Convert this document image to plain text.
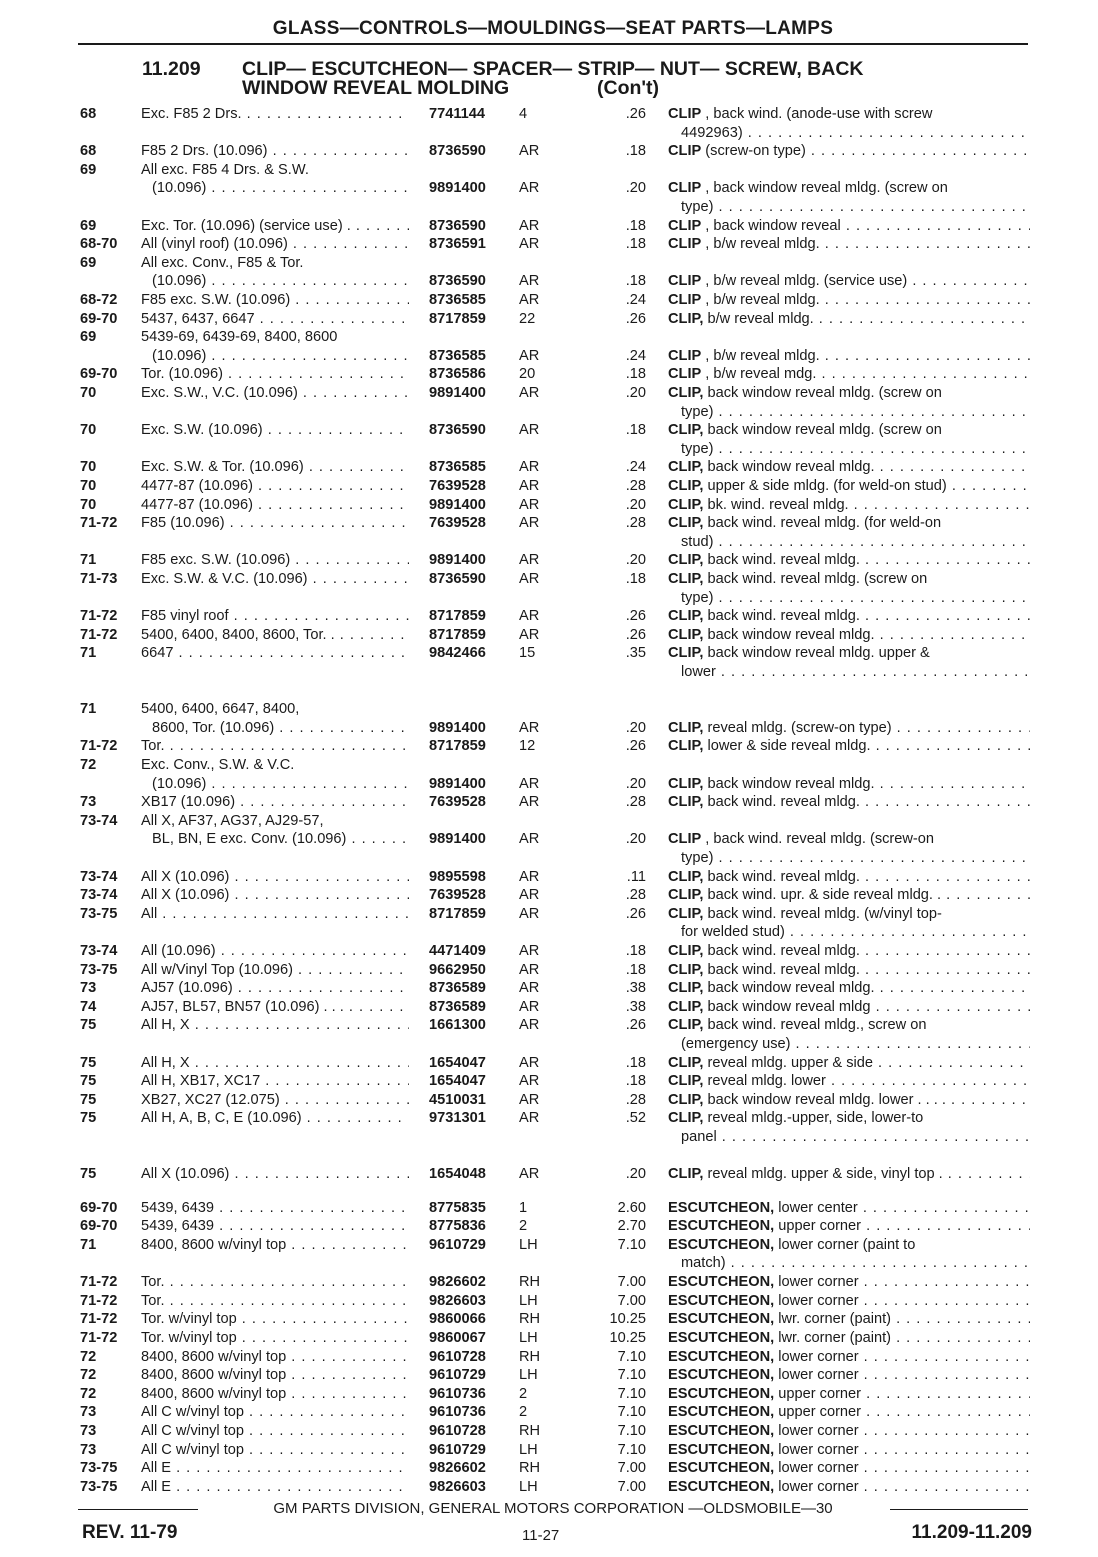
GLASS—CONTROLS—MOULDINGS—SEAT PARTS—LAMPS
11.209 CLIP— ESCUTCHEON— SPACER— STRIP— NUT— SCREW, BACK
WINDOW REVEAL MOLDING	(Con't)
68	Exc. F85 2 Drs. . . .	7741144	4	.26 CLIP , back wind. (anode-use with screw
4492963) . . .
68	F85 2 Drs. (10.096) . . .	8736590	AR	.18 CLIP (screw-on type) . . .
69	All exc. F85 4 Drs. & S.W.
(10.096) . . .	9891400	AR	.20 CLIP , back window reveal mldg. (screw on
type) . . .
69	Exc. Tor. (10.096) (service use) . . . .	8736590	AR	.18 CLIP , back window reveal . . .
68-70	All (vinyl roof) (10.096) . . .	8736591	AR	.18 CLIP , b/w reveal mldg. . . .
69	All exc. Conv., F85 & Tor.
(10.096) . . .	8736590	AR	.18 CLIP , b/w reveal mldg. (service use) . . .
68-72	F85 exc. S.W. (10.096) . . .	8736585	AR	.24 CLIP , b/w reveal mldg. . . .
69-70	5437, 6437, 6647 . . .	8717859	22	.26 CLIP, b/w reveal mldg. . . .
69	5439-69, 6439-69, 8400, 8600
(10.096) . . .	8736585	AR	.24 CLIP , b/w reveal mldg. . . .
69-70	Tor. (10.096) . . .	8736586	20	.18 CLIP , b/w reveal mdg. . . .
70	Exc. S.W., V.C. (10.096) . . .	9891400	AR	.20 CLIP, back window reveal mldg. (screw on
type) . . .
70	Exc. S.W. (10.096) . . .	8736590	AR	.18 CLIP, back window reveal mldg. (screw on
type) . . .
70	Exc. S.W. & Tor. (10.096) . . .	8736585	AR	.24 CLIP, back window reveal mldg. . . .
70	4477-87 (10.096) . . .	7639528	AR	.28 CLIP, upper & side mldg. (for weld-on stud) . . .
70	4477-87 (10.096) . . .	9891400	AR	.20 CLIP, bk. wind. reveal mldg. . . .
71-72	F85 (10.096) . . .	7639528	AR	.28 CLIP, back wind. reveal mldg. (for weld-on
stud) . . .
71	F85 exc. S.W. (10.096) . . .	9891400	AR	.20 CLIP, back wind. reveal mldg. . . .
71-73	Exc. S.W. & V.C. (10.096) . . .	8736590	AR	.18 CLIP, back wind. reveal mldg. (screw on
type) . . .
71-72	F85 vinyl roof . . .	8717859	AR	.26 CLIP, back wind. reveal mldg. . . .
71-72	5400, 6400, 8400, 8600, Tor. . . . .	8717859	AR	.26 CLIP, back window reveal mldg. . . .
71	6647 . . .	9842466	15	.35 CLIP, back window reveal mldg. upper &
lower . . .
71	5400, 6400, 6647, 8400,
8600, Tor. (10.096) . . .	9891400	AR	.20 CLIP, reveal mldg. (screw-on type) . . .
71-72	Tor. . . .	8717859	12	.26 CLIP, lower & side reveal mldg. . . .
72	Exc. Conv., S.W. & V.C.
(10.096) . . .	9891400	AR	.20 CLIP, back window reveal mldg. . . .
73	XB17 (10.096) . . .	7639528	AR	.28 CLIP, back wind. reveal mldg. . . .
73-74	All X, AF37, AG37, AJ29-57,
BL, BN, E exc. Conv. (10.096) . . .	9891400	AR	.20 CLIP , back wind. reveal mldg. (screw-on
type) . . .
73-74	All X (10.096) . . .	9895598	AR	.11 CLIP, back wind. reveal mldg. . . .
73-74	All X (10.096) . . .	7639528	AR	.28 CLIP, back wind. upr. & side reveal mldg. . . . .
73-75	All . . .	8717859	AR	.26 CLIP, back wind. reveal mldg. (w/vinyl top-
for welded stud) . . .
73-74	All (10.096) . . .	4471409	AR	.18 CLIP, back wind. reveal mldg. . . .
73-75	All w/Vinyl Top (10.096) . . .	9662950	AR	.18 CLIP, back wind. reveal mldg. . . .
73	AJ57 (10.096) . . .	8736589	AR	.38 CLIP, back window reveal mldg. . . .
74	AJ57, BL57, BN57 (10.096) . . . . . .	8736589	AR	.38 CLIP, back window reveal mldg . . .
75	All H, X . . .	1661300	AR	.26 CLIP, back wind. reveal mldg., screw on
(emergency use) . . .
75	All H, X . . .	1654047	AR	.18 CLIP, reveal mldg. upper & side . . .
75	All H, XB17, XC17 . . .	1654047	AR	.18 CLIP, reveal mldg. lower . . .
75	XB27, XC27 (12.075) . . .	4510031	AR	.28 CLIP, back window reveal mldg. lower . . . . . . .
75	All H, A, B, C, E (10.096) . . .	9731301	AR	.52 CLIP, reveal mldg.-upper, side, lower-to
panel . . .
75	All X (10.096) . . .	1654048	AR	.20 CLIP, reveal mldg. upper & side, vinyl top . . . .
69-70	5439, 6439 . . .	8775835	1	2.60 ESCUTCHEON, lower center . . .
69-70	5439, 6439 . . .	8775836	2	2.70 ESCUTCHEON, upper corner . . .
71	8400, 8600 w/vinyl top . . .	9610729	LH	7.10 ESCUTCHEON, lower corner (paint to
match) . . .
71-72	Tor. . . .	9826602	RH	7.00 ESCUTCHEON, lower corner . . .
71-72	Tor. . . .	9826603	LH	7.00 ESCUTCHEON, lower corner . . .
71-72	Tor. w/vinyl top . . .	9860066	RH	10.25 ESCUTCHEON, lwr. corner (paint) . . .
71-72	Tor. w/vinyl top . . .	9860067	LH	10.25 ESCUTCHEON, lwr. corner (paint) . . .
72	8400, 8600 w/vinyl top . . .	9610728	RH	7.10 ESCUTCHEON, lower corner . . .
72	8400, 8600 w/vinyl top . . .	9610729	LH	7.10 ESCUTCHEON, lower corner . . .
72	8400, 8600 w/vinyl top . . .	9610736	2	7.10 ESCUTCHEON, upper corner . . .
73	All C w/vinyl top . . .	9610736	2	7.10 ESCUTCHEON, upper corner . . .
73	All C w/vinyl top . . .	9610728	RH	7.10 ESCUTCHEON, lower corner . . .
73	All C w/vinyl top . . .	9610729	LH	7.10 ESCUTCHEON, lower corner . . .
73-75	All E . . .	9826602	RH	7.00 ESCUTCHEON, lower corner . . .
73-75	All E . . .	9826603	LH	7.00 ESCUTCHEON, lower corner . . .
GM PARTS DIVISION, GENERAL MOTORS CORPORATION —OLDSMOBILE—30
REV. 11-79	11-27	11.209-11.209
